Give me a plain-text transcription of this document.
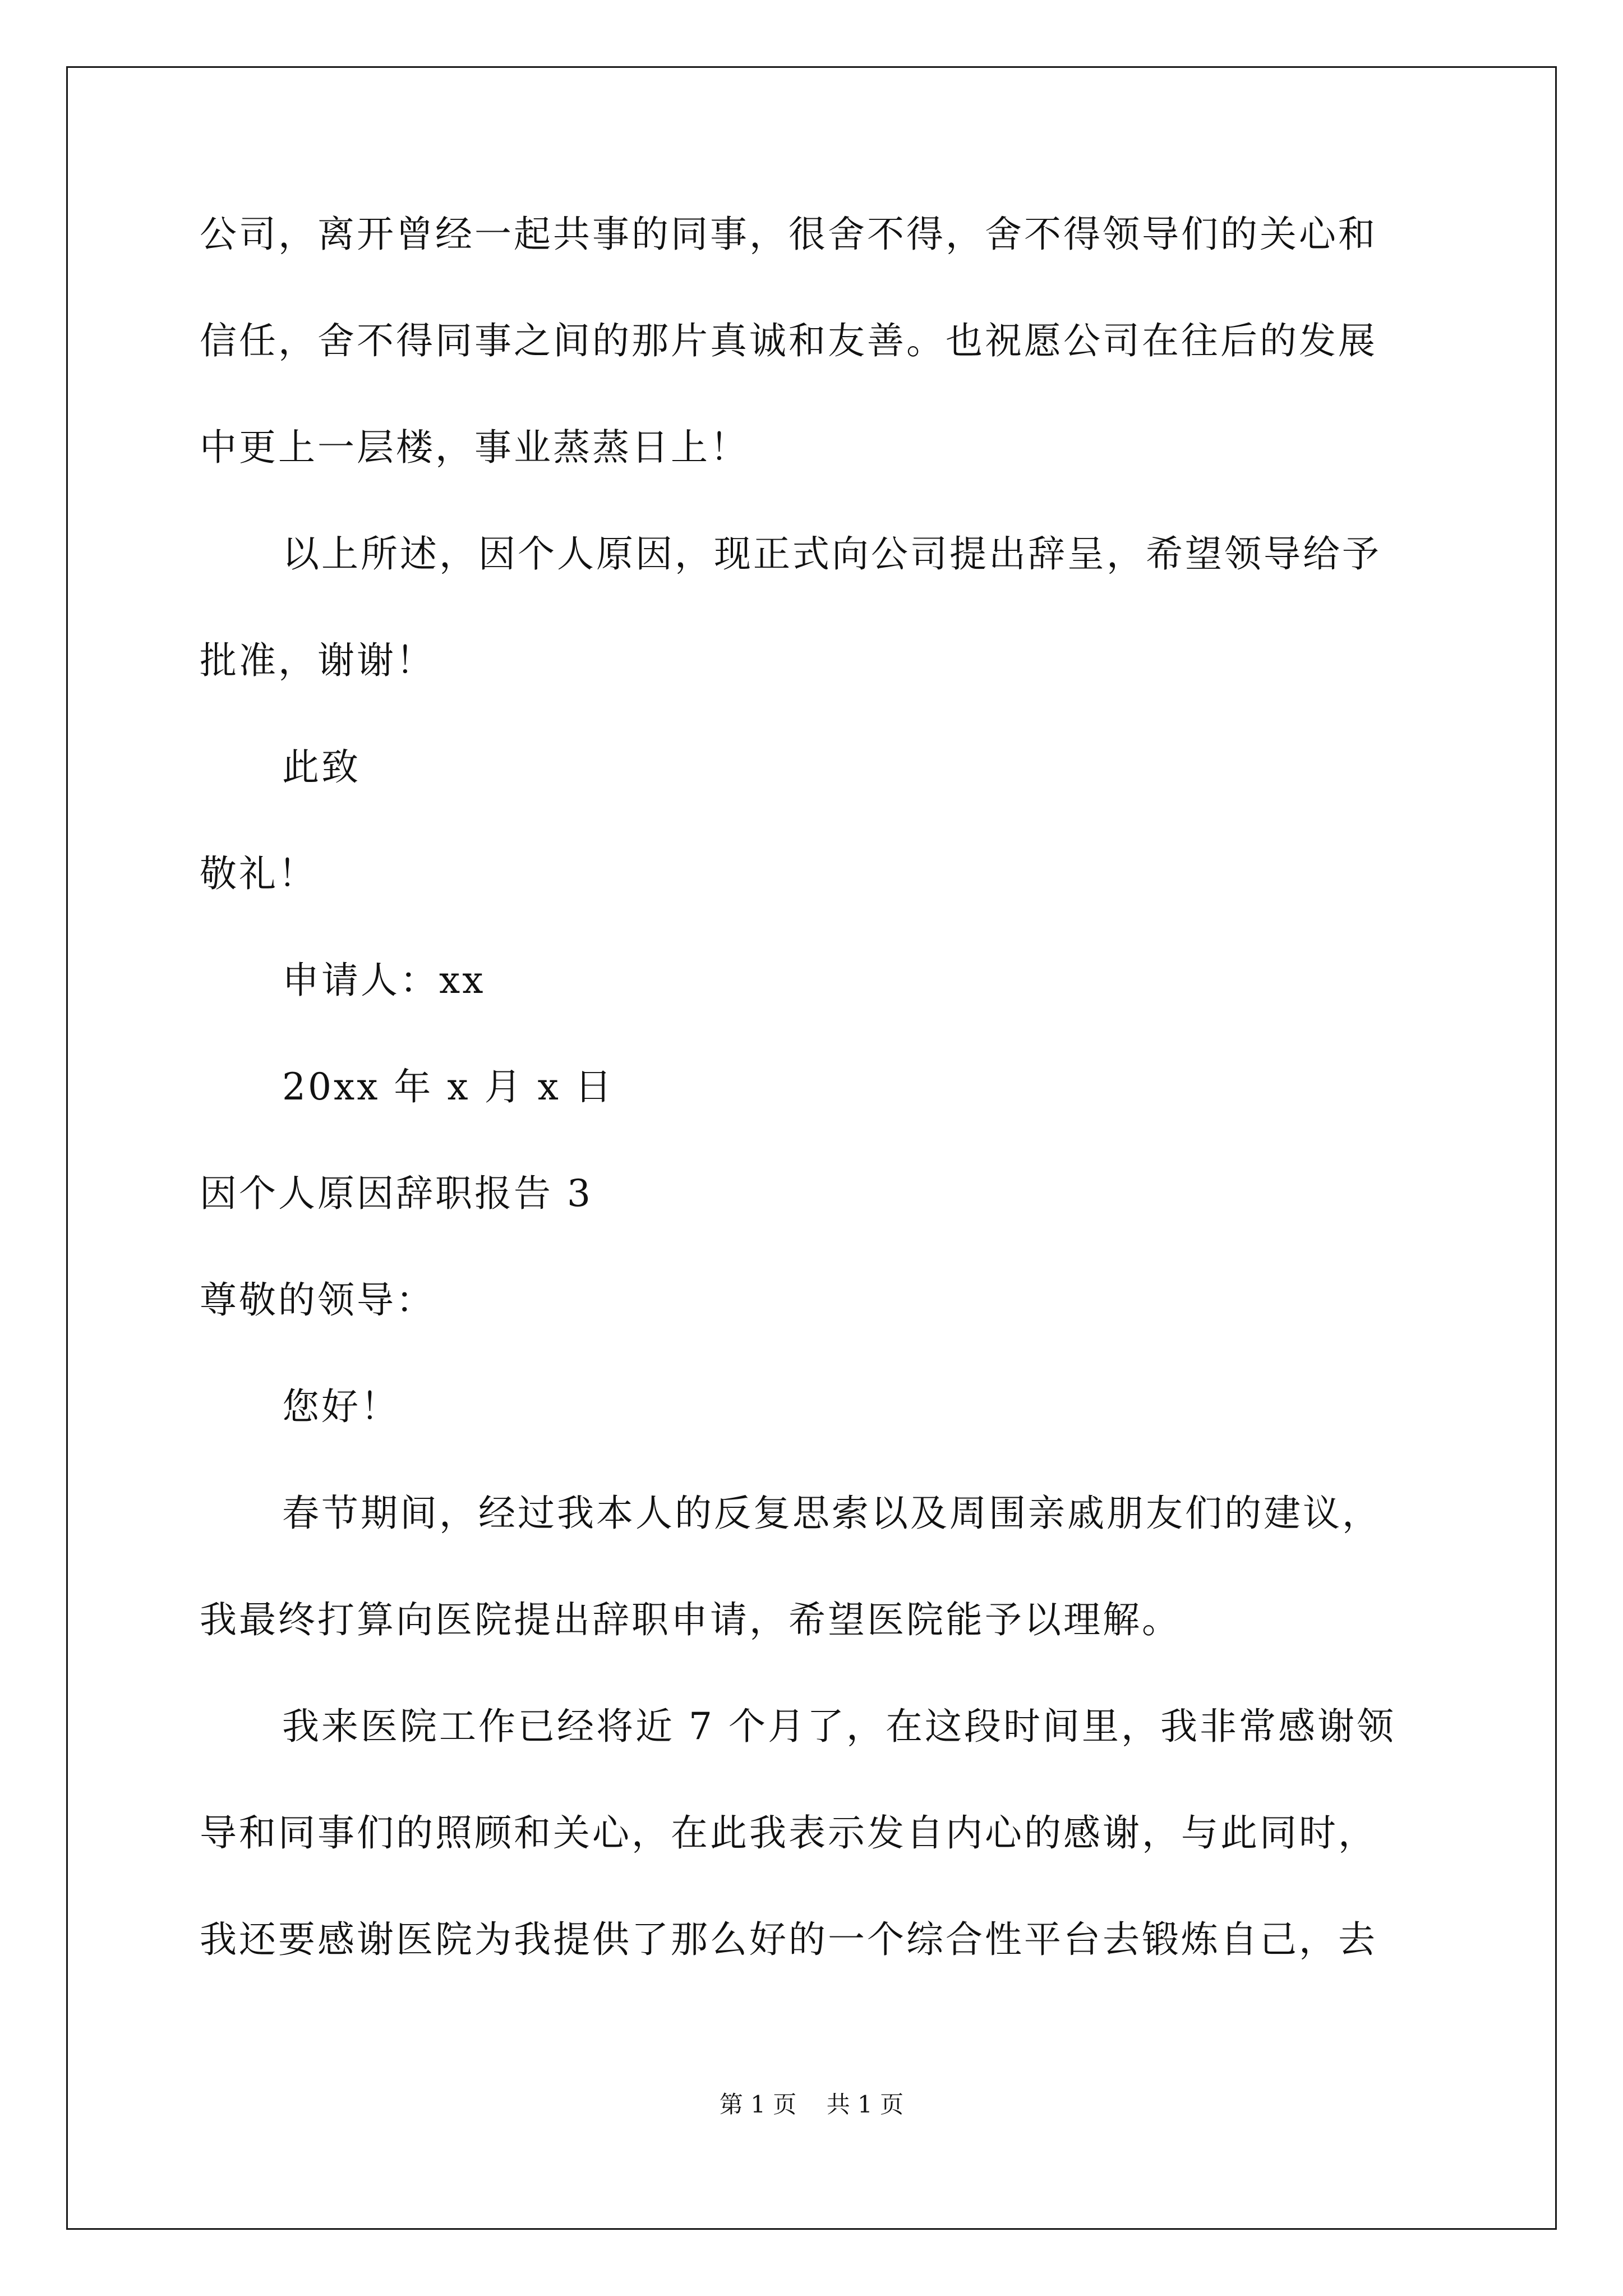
公司，离开曾经一起共事的同事，很舍不得，舍不得领导们的关心和
信任，舍不得同事之间的那片真诚和友善。也祝愿公司在往后的发展
中更上一层楼，事业蒸蒸日上！
以上所述，因个人原因，现正式向公司提出辞呈，希望领导给予
批准，谢谢！
此致
敬礼！
申请人：xx
20xx 年 x 月 x 日
因个人原因辞职报告 3
尊敬的领导：
您好！
春节期间，经过我本人的反复思索以及周围亲戚朋友们的建议，
我最终打算向医院提出辞职申请，希望医院能予以理解。
我来医院工作已经将近 7 个月了，在这段时间里，我非常感谢领
导和同事们的照顾和关心，在此我表示发自内心的感谢，与此同时，
我还要感谢医院为我提供了那么好的一个综合性平台去锻炼自己，去
第 1 页    共 1 页
